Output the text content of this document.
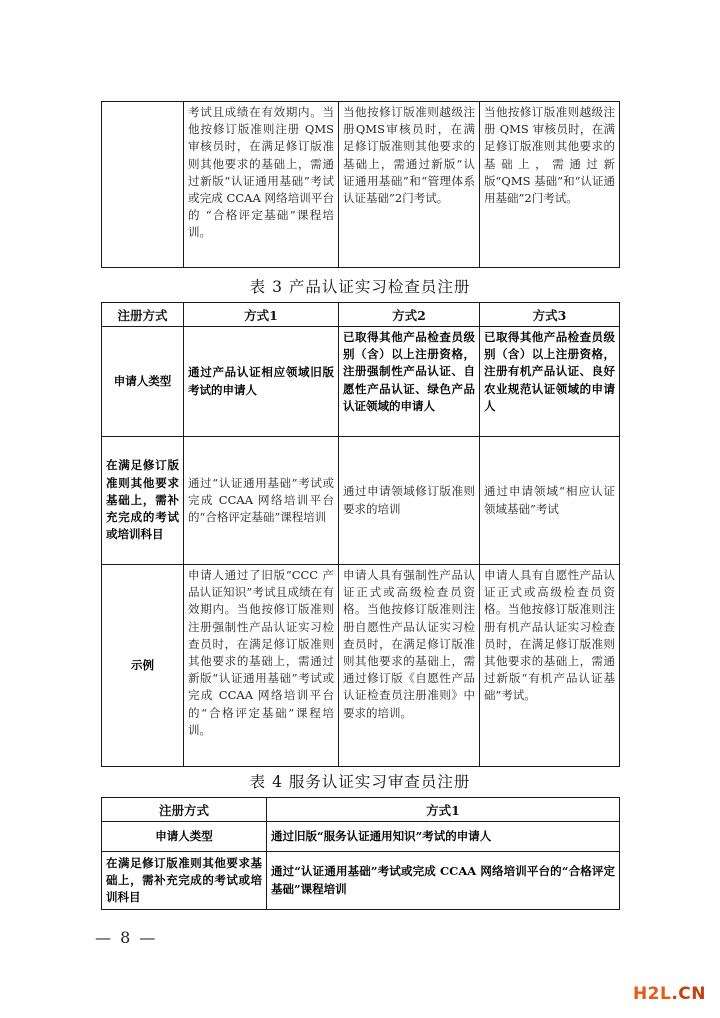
	考试且成绩在有效期内。当他按修订版准则注册 QMS 审核员时，在满足修订版准则其他要求的基础上，需通过新版“认证通用基础”考试或完成 CCAA 网络培训平台的 “合格评定基础”课程培训。	当他按修订版准则越级注册QMS审核员时，在满足修订版准则其他要求的基础上，需通过新版“认证通用基础”和“管理体系认证基础”2门考试。	当他按修订版准则越级注册 QMS 审核员时，在满足修订版准则其他要求的基础上，需通过新版“QMS 基础”和“认证通用基础”2门考试。
表 3 产品认证实习检查员注册
注册方式	方式1	方式2	方式3
申请人类型	通过产品认证相应领域旧版考试的申请人	已取得其他产品检查员级别（含）以上注册资格，注册强制性产品认证、自愿性产品认证、绿色产品认证领域的申请人	已取得其他产品检查员级别（含）以上注册资格，注册有机产品认证、良好农业规范认证领域的申请人
在满足修订版准则其他要求基础上，需补充完成的考试或培训科目	通过“认证通用基础”考试或完成 CCAA 网络培训平台的“合格评定基础”课程培训	通过申请领域修订版准则要求的培训	通过申请领域“相应认证领域基础”考试
示例	申请人通过了旧版“CCC 产品认证知识”考试且成绩在有效期内。当他按修订版准则注册强制性产品认证实习检查员时，在满足修订版准则其他要求的基础上，需通过新版“认证通用基础”考试或完成 CCAA 网络培训平台的“合格评定基础”课程培训。	申请人具有强制性产品认证正式或高级检查员资格。当他按修订版准则注册自愿性产品认证实习检查员时，在满足修订版准则其他要求的基础上，需通过修订版《自愿性产品认证检查员注册准则》中要求的培训。	申请人具有自愿性产品认证正式或高级检查员资格。当他按修订版准则注册有机产品认证实习检查员时，在满足修订版准则其他要求的基础上，需通过新版“有机产品认证基础”考试。
表 4 服务认证实习审查员注册
注册方式	方式1
申请人类型	通过旧版“服务认证通用知识”考试的申请人
在满足修订版准则其他要求基础上，需补充完成的考试或培训科目	通过“认证通用基础”考试或完成 CCAA 网络培训平台的“合格评定基础”课程培训
— 8 —
H2L.CN
